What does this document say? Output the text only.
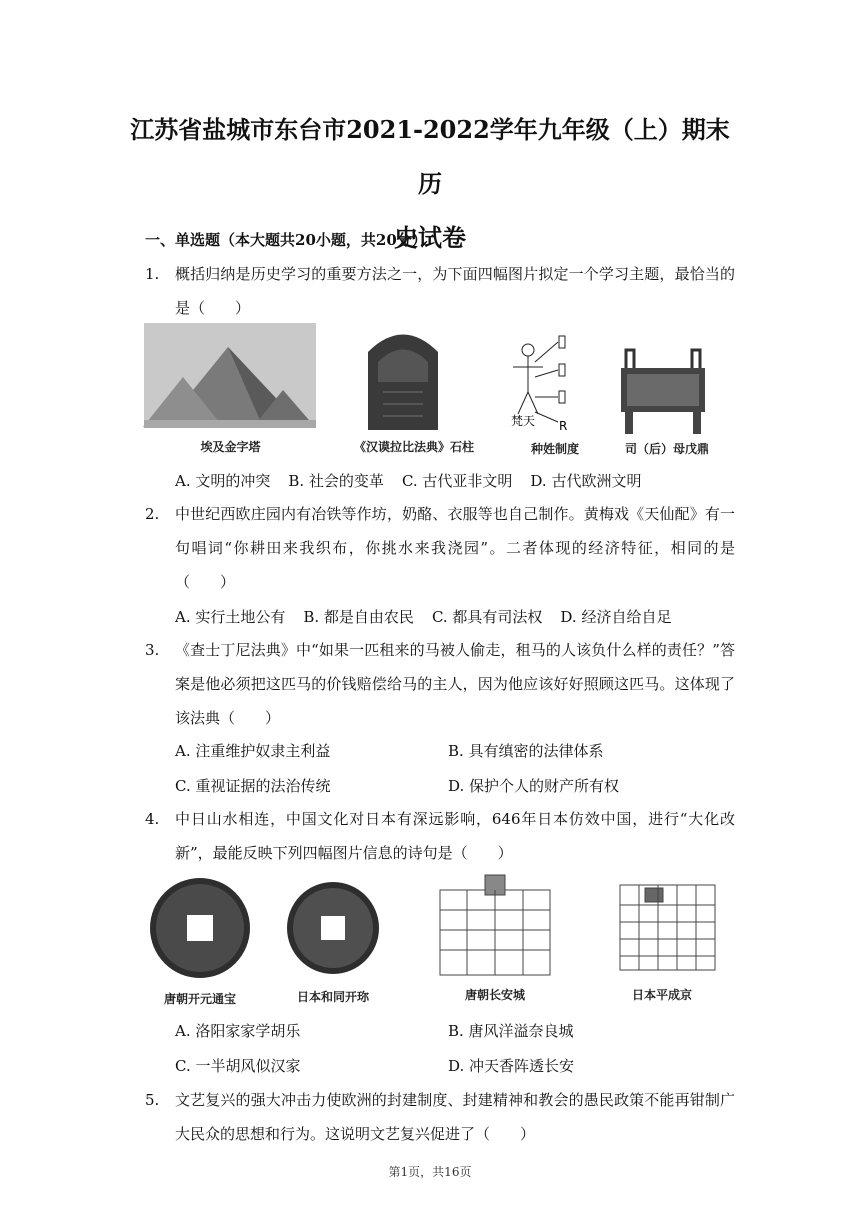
江苏省盐城市东台市2021-2022学年九年级（上）期末历
史试卷
一、单选题（本大题共20小题，共20分）
1. 概括归纳是历史学习的重要方法之一，为下面四幅图片拟定一个学习主题，最恰当的是（　　）
梵天 R
埃及金字塔	《汉谟拉比法典》石柱	种姓制度	司（后）母戊鼎
A. 文明的冲突 B. 社会的变革 C. 古代亚非文明 D. 古代欧洲文明
2. 中世纪西欧庄园内有冶铁等作坊，奶酪、衣服等也自己制作。黄梅戏《天仙配》有一句唱词“你耕田来我织布，你挑水来我浇园”。二者体现的经济特征，相同的是（　　）
A. 实行土地公有 B. 都是自由农民 C. 都具有司法权 D. 经济自给自足
3. 《查士丁尼法典》中“如果一匹租来的马被人偷走，租马的人该负什么样的责任？”答案是他必须把这匹马的价钱赔偿给马的主人，因为他应该好好照顾这匹马。这体现了该法典（　　）
A. 注重维护奴隶主利益	B. 具有缜密的法律体系
C. 重视证据的法治传统	D. 保护个人的财产所有权
4. 中日山水相连，中国文化对日本有深远影响，646年日本仿效中国，进行“大化改新”，最能反映下列四幅图片信息的诗句是（　　）
唐朝开元通宝	日本和同开珎	唐朝长安城	日本平成京
A. 洛阳家家学胡乐	B. 唐风洋溢奈良城
C. 一半胡风似汉家	D. 冲天香阵透长安
5. 文艺复兴的强大冲击力使欧洲的封建制度、封建精神和教会的愚民政策不能再钳制广大民众的思想和行为。这说明文艺复兴促进了（　　）
第1页，共16页
